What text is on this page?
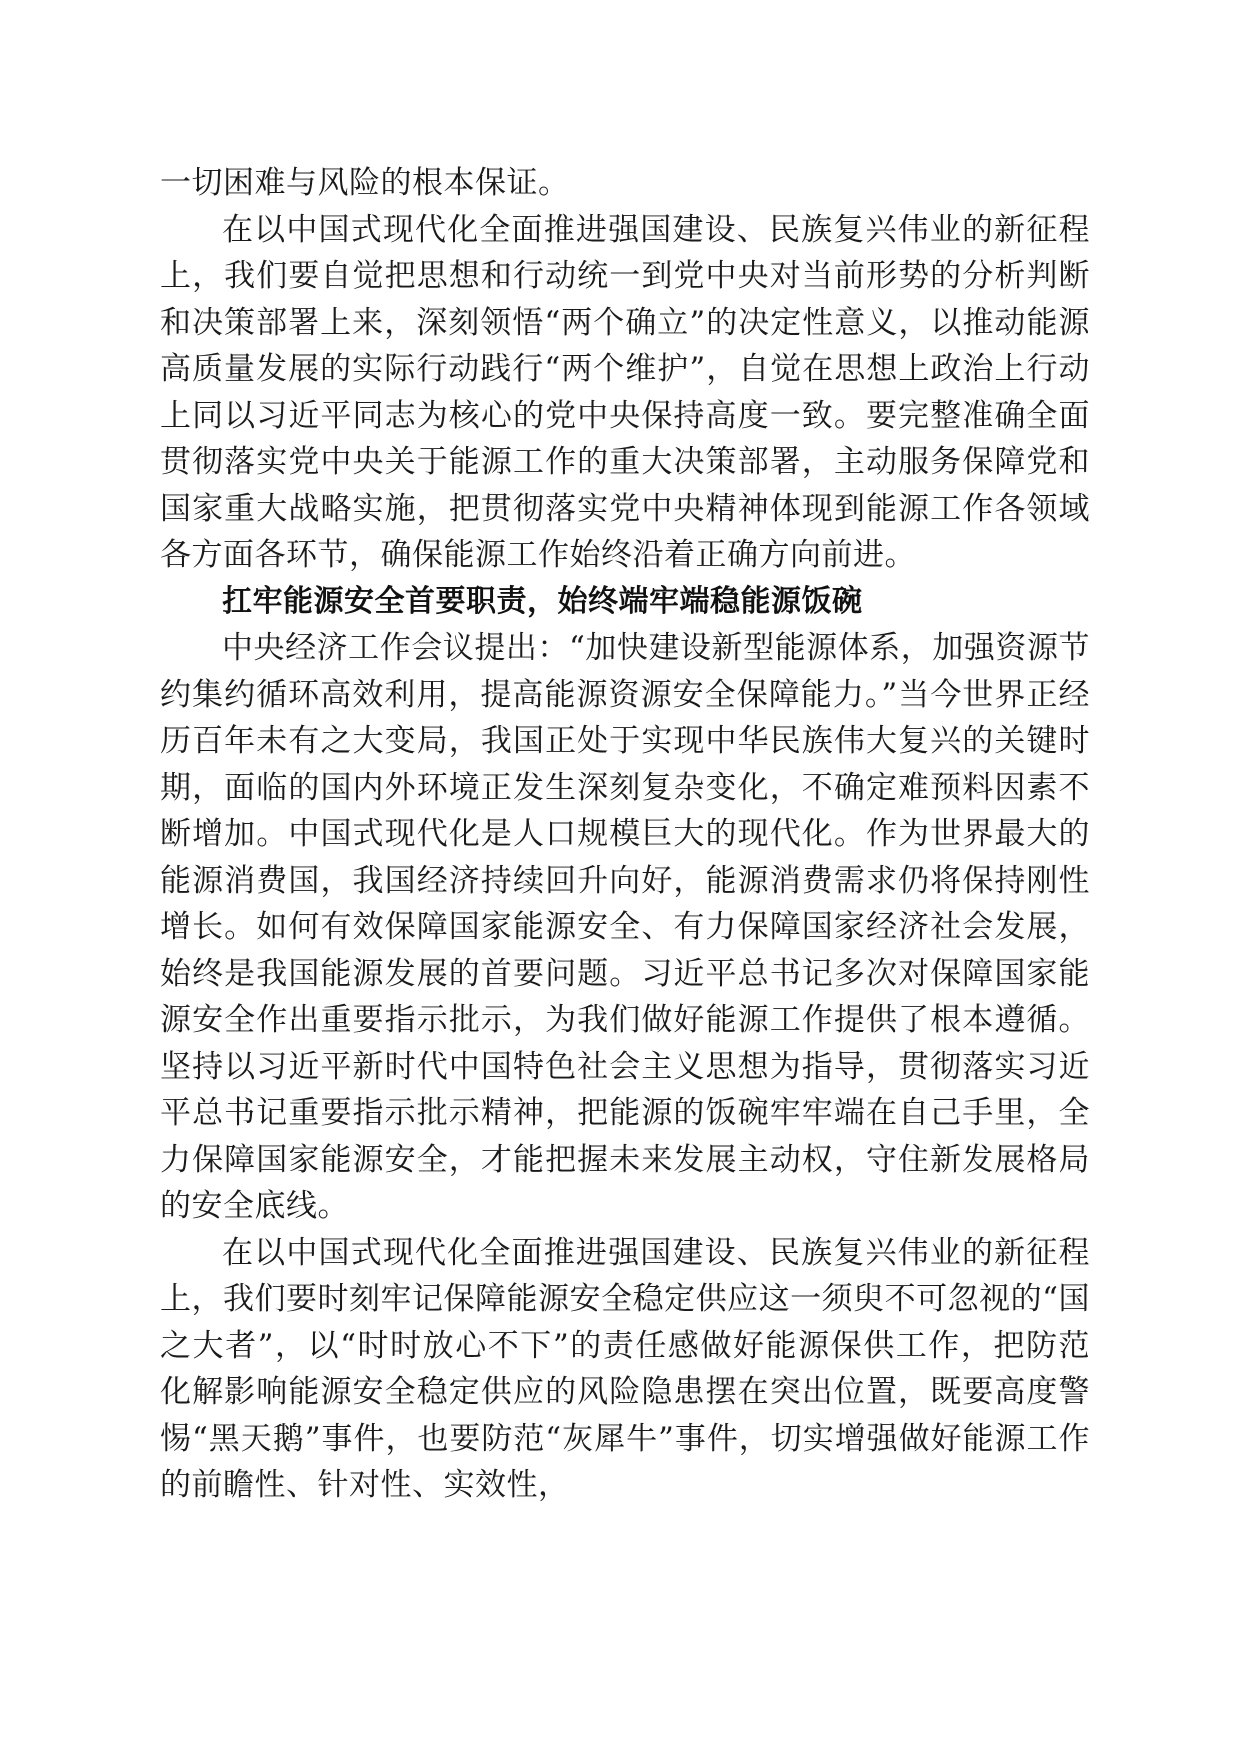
一切困难与风险的根本保证。

在以中国式现代化全面推进强国建设、民族复兴伟业的新征程上，我们要自觉把思想和行动统一到党中央对当前形势的分析判断和决策部署上来，深刻领悟“两个确立”的决定性意义，以推动能源高质量发展的实际行动践行“两个维护”，自觉在思想上政治上行动上同以习近平同志为核心的党中央保持高度一致。要完整准确全面贯彻落实党中央关于能源工作的重大决策部署，主动服务保障党和国家重大战略实施，把贯彻落实党中央精神体现到能源工作各领域各方面各环节，确保能源工作始终沿着正确方向前进。

扛牢能源安全首要职责，始终端牢端稳能源饭碗

中央经济工作会议提出：“加快建设新型能源体系，加强资源节约集约循环高效利用，提高能源资源安全保障能力。”当今世界正经历百年未有之大变局，我国正处于实现中华民族伟大复兴的关键时期，面临的国内外环境正发生深刻复杂变化，不确定难预料因素不断增加。中国式现代化是人口规模巨大的现代化。作为世界最大的能源消费国，我国经济持续回升向好，能源消费需求仍将保持刚性增长。如何有效保障国家能源安全、有力保障国家经济社会发展，始终是我国能源发展的首要问题。习近平总书记多次对保障国家能源安全作出重要指示批示，为我们做好能源工作提供了根本遵循。坚持以习近平新时代中国特色社会主义思想为指导，贯彻落实习近平总书记重要指示批示精神，把能源的饭碗牢牢端在自己手里，全力保障国家能源安全，才能把握未来发展主动权，守住新发展格局的安全底线。

在以中国式现代化全面推进强国建设、民族复兴伟业的新征程上，我们要时刻牢记保障能源安全稳定供应这一须臾不可忽视的“国之大者”，以“时时放心不下”的责任感做好能源保供工作，把防范化解影响能源安全稳定供应的风险隐患摆在突出位置，既要高度警惕“黑天鹅”事件，也要防范“灰犀牛”事件，切实增强做好能源工作的前瞻性、针对性、实效性，
